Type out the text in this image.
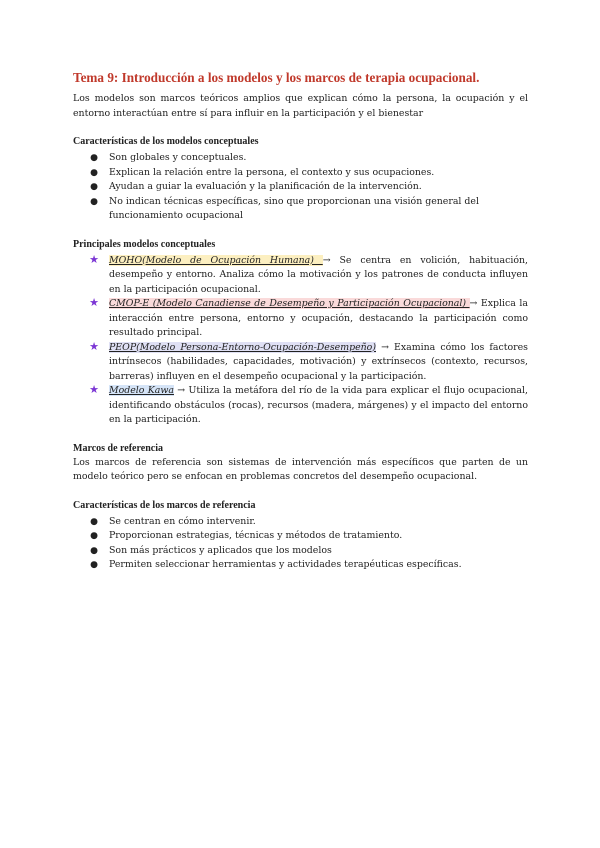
Tema 9: Introducción a los modelos y los marcos de terapia ocupacional.

Los modelos son marcos teóricos amplios que explican cómo la persona, la ocupación y el entorno interactúan entre sí para influir en la participación y el bienestar

Características de los modelos conceptuales
● Son globales y conceptuales.
● Explican la relación entre la persona, el contexto y sus ocupaciones.
● Ayudan a guiar la evaluación y la planificación de la intervención.
● No indican técnicas específicas, sino que proporcionan una visión general del funcionamiento ocupacional
Principales modelos conceptuales
★ MOHO(Modelo de Ocupación Humana) → Se centra en volición, habituación, desempeño y entorno. Analiza cómo la motivación y los patrones de conducta influyen en la participación ocupacional.
★ CMOP-E (Modelo Canadiense de Desempeño y Participación Ocupacional) → Explica la interacción entre persona, entorno y ocupación, destacando la participación como resultado principal.
★ PEOP(Modelo Persona-Entorno-Ocupación-Desempeño) → Examina cómo los factores intrínsecos (habilidades, capacidades, motivación) y extrínsecos (contexto, recursos, barreras) influyen en el desempeño ocupacional y la participación.
★ Modelo Kawa → Utiliza la metáfora del río de la vida para explicar el flujo ocupacional, identificando obstáculos (rocas), recursos (madera, márgenes) y el impacto del entorno en la participación.
Marcos de referencia

Los marcos de referencia son sistemas de intervención más específicos que parten de un modelo teórico pero se enfocan en problemas concretos del desempeño ocupacional.

Características de los marcos de referencia
● Se centran en cómo intervenir.
● Proporcionan estrategias, técnicas y métodos de tratamiento.
● Son más prácticos y aplicados que los modelos
● Permiten seleccionar herramientas y actividades terapéuticas específicas.
